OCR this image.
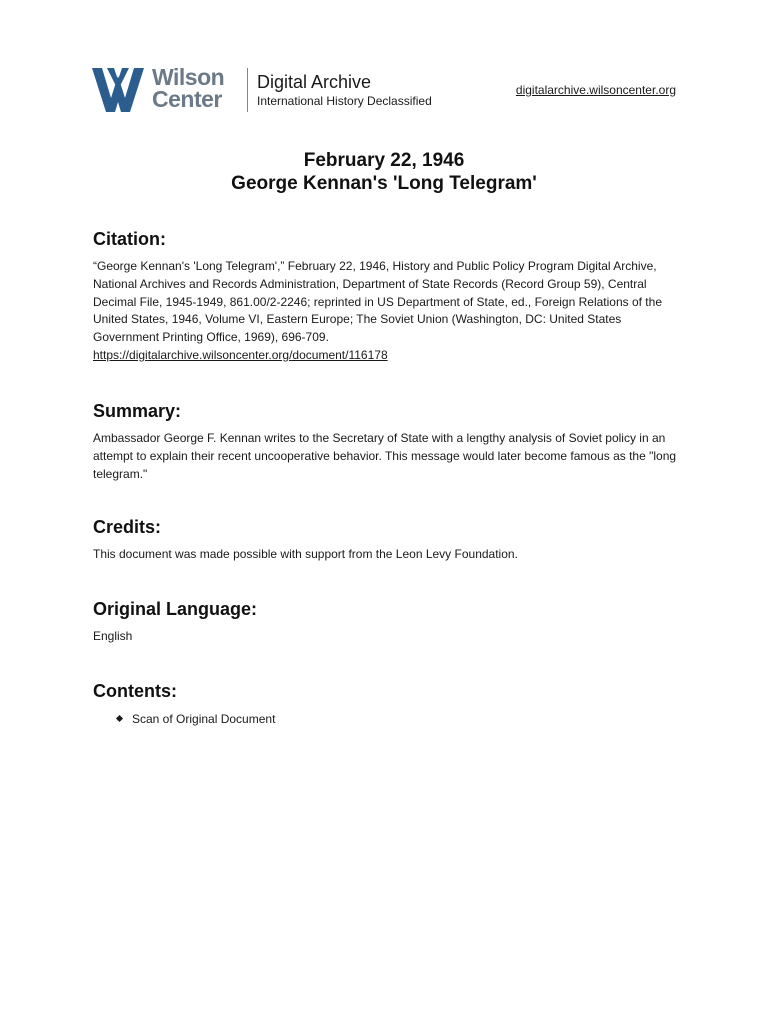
Wilson
Center
Digital Archive
International History Declassified
digitalarchive.wilsoncenter.org
February 22, 1946
George Kennan's 'Long Telegram'
Citation:

“George Kennan's 'Long Telegram',” February 22, 1946, History and Public Policy Program Digital Archive, National Archives and Records Administration, Department of State Records (Record Group 59), Central Decimal File, 1945-1949, 861.00/2-2246; reprinted in US Department of State, ed., Foreign Relations of the United States, 1946, Volume VI, Eastern Europe; The Soviet Union (Washington, DC: United States Government Printing Office, 1969), 696-709.

https://digitalarchive.wilsoncenter.org/document/116178
Summary:

Ambassador George F. Kennan writes to the Secretary of State with a lengthy analysis of Soviet policy in an attempt to explain their recent uncooperative behavior. This message would later become famous as the "long telegram."

Credits:

This document was made possible with support from the Leon Levy Foundation.

Original Language:

English

Contents:
Scan of Original Document
